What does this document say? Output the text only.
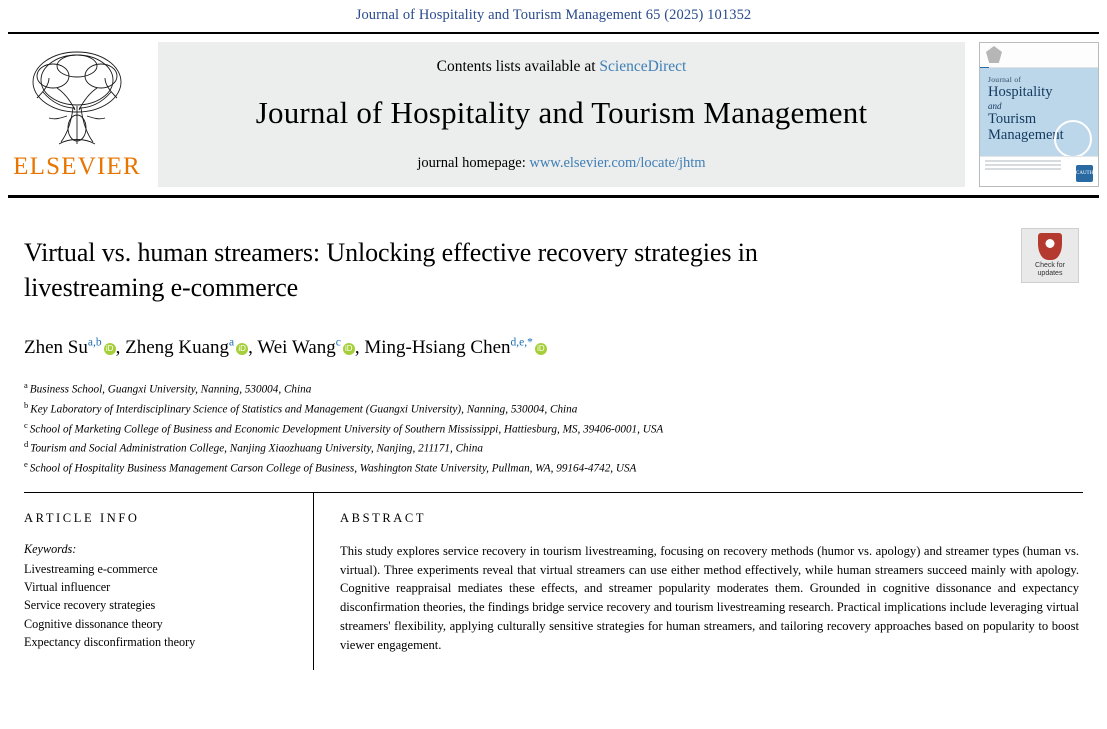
Journal of Hospitality and Tourism Management 65 (2025) 101352
ELSEVIER
Contents lists available at ScienceDirect
Journal of Hospitality and Tourism Management
journal homepage: www.elsevier.com/locate/jhtm
Journal of
Hospitality
and
Tourism
Management
CAUTHE
Check for
updates
Virtual vs. human streamers: Unlocking effective recovery strategies in livestreaming e-commerce
Zhen Su$^{a,b}$ iD , Zheng Kuang$^a$ iD , Wei Wang$^c$ iD , Ming-Hsiang Chen$^{d,e,*}$ iD
$^a$ Business School, Guangxi University, Nanning, 530004, China
$^b$ Key Laboratory of Interdisciplinary Science of Statistics and Management (Guangxi University), Nanning, 530004, China
$^c$ School of Marketing College of Business and Economic Development University of Southern Mississippi, Hattiesburg, MS, 39406-0001, USA
$^d$ Tourism and Social Administration College, Nanjing Xiaozhuang University, Nanjing, 211171, China
$^e$ School of Hospitality Business Management Carson College of Business, Washington State University, Pullman, WA, 99164-4742, USA
ARTICLE INFO
Keywords:
Livestreaming e-commerce
Virtual influencer
Service recovery strategies
Cognitive dissonance theory
Expectancy disconfirmation theory
ABSTRACT
This study explores service recovery in tourism livestreaming, focusing on recovery methods (humor vs. apology) and streamer types (human vs. virtual). Three experiments reveal that virtual streamers can use either method effectively, while human streamers succeed mainly with apology. Cognitive reappraisal mediates these effects, and streamer popularity moderates them. Grounded in cognitive dissonance and expectancy disconfirmation theories, the findings bridge service recovery and tourism livestreaming research. Practical implications include leveraging virtual streamers' flexibility, applying culturally sensitive strategies for human streamers, and tailoring recovery approaches based on popularity to boost viewer engagement.
